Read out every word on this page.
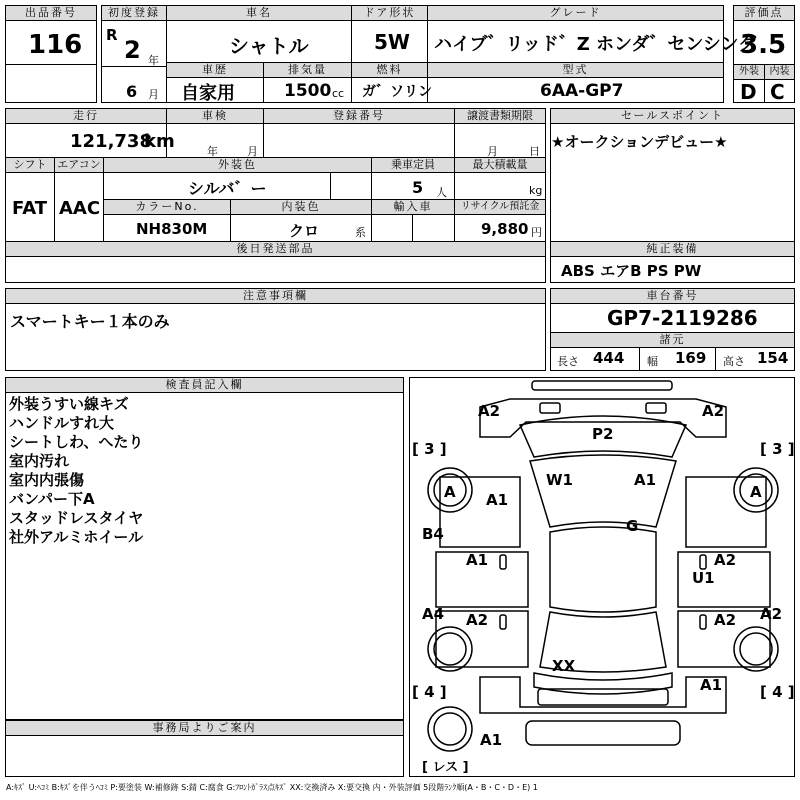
出品番号
116
初度登録
R
2 年
6 月
車名
シャトル
ドア形状
5W
グレード
ハイブ゛リッド゛Z ホンダ゛センシング
評価点
3.5
外装	内装
D C
車歴
自家用
排気量
1500 cc
燃料
ガ゛ソリン
型式
6AA-GP7
走行
121,738
km
車検
年	月
登録番号	譲渡書類期限
月	日
セールスポイント
★オークションデビュー★
シフト
FAT
エアコン
AAC
外装色
シルバ゛ー
乗車定員
5 人
最大積載量
kg
カラーNo.
NH830M
内装色
クロ	系
輸入車	リサイクル預託金
9,880 円
後日発送部品	純正装備
ABS エアB PS PW
注意事項欄
スマートキー１本のみ
車台番号
GP7-2119286
諸元
長さ 444 幅 169 高さ 154
検査員記入欄
外装うすい線キズ
ハンドルすれ大
シートしわ、へたり
室内汚れ
室内内張傷
バンパー下A
スタッドレスタイヤ
社外アルミホイール
事務局よりご案内
A2	A2
P2
[ 3 ]	[ 3 ]
A	A
A1
W1	A1
G
B4
A1	A2
U1
A4 A2	A2 A2
XX
[ 4 ]	[ 4 ]
A1
A1
[ レス ]
A:ｷｽﾞ U:ﾍｺﾐ B:ｷｽﾞを伴うﾍｺﾐ P:要塗装 W:補修跡 S:錆 C:腐食 G:ﾌﾛﾝﾄｶﾞﾗｽ点ｷｽﾞ XX:交換済み X:要交換 内・外装評価 5段階ﾗﾝｸ順(A・B・C・D・E) 1
